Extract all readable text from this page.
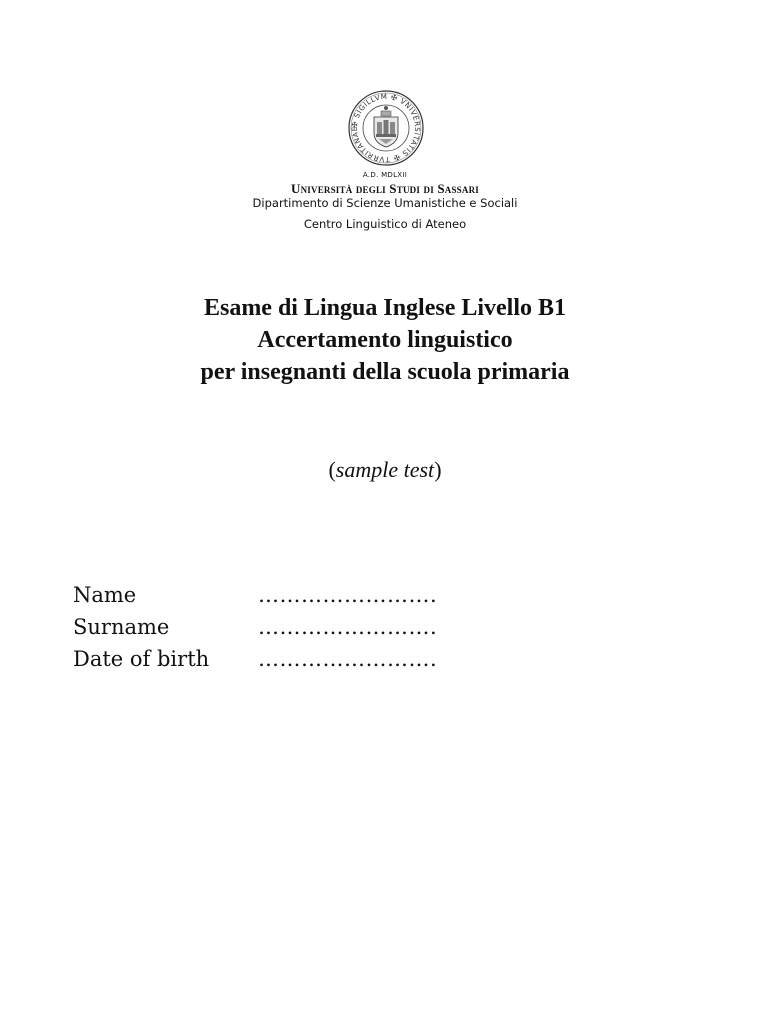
✠ SIGILLVM ✠ VNIVERSITATIS ✠ TVRRITANAE
A.D. MDLXII
Università degli Studi di Sassari
Dipartimento di Scienze Umanistiche e Sociali
Centro Linguistico di Ateneo
Esame di Lingua Inglese Livello B1
Accertamento linguistico
per insegnanti della scuola primaria
(sample test)
Name	…………………….
Surname	…………………….
Date of birth …………………….
